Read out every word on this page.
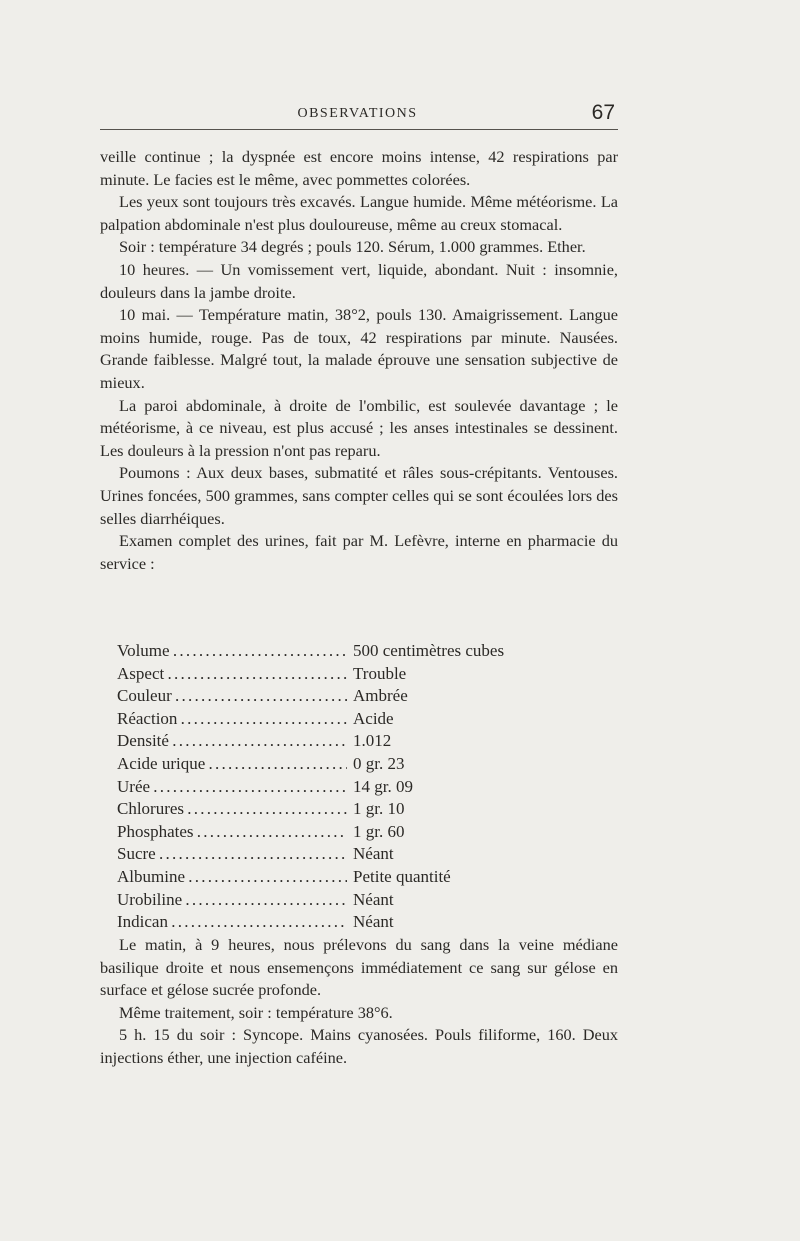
OBSERVATIONS	67

veille continue ; la dyspnée est encore moins intense, 42 respirations par minute. Le facies est le même, avec pommettes colorées.

Les yeux sont toujours très excavés. Langue humide. Même météorisme. La palpation abdominale n'est plus douloureuse, même au creux stomacal.

Soir : température 34 degrés ; pouls 120. Sérum, 1.000 grammes. Ether.

10 heures. — Un vomissement vert, liquide, abondant. Nuit : insomnie, douleurs dans la jambe droite.

10 mai. — Température matin, 38°2, pouls 130. Amaigrissement. Langue moins humide, rouge. Pas de toux, 42 respirations par minute. Nausées. Grande faiblesse. Malgré tout, la malade éprouve une sensation subjective de mieux.

La paroi abdominale, à droite de l'ombilic, est soulevée davantage ; le météorisme, à ce niveau, est plus accusé ; les anses intestinales se dessinent. Les douleurs à la pression n'ont pas reparu.

Poumons : Aux deux bases, submatité et râles sous-crépitants. Ventouses. Urines foncées, 500 grammes, sans compter celles qui se sont écoulées lors des selles diarrhéiques.

Examen complet des urines, fait par M. Lefèvre, interne en pharmacie du service :

Volume . . .	500 centimètres cubes
Aspect . . .	Trouble
Couleur . . .	Ambrée
Réaction . . .	Acide
Densité . . .	1.012
Acide urique . . .	0 gr. 23
Urée . . .	14 gr. 09
Chlorures . . .	1 gr. 10
Phosphates . . .	1 gr. 60
Sucre . . .	Néant
Albumine . . .	Petite quantité
Urobiline . . .	Néant
Indican . . .	Néant

Le matin, à 9 heures, nous prélevons du sang dans la veine médiane basilique droite et nous ensemençons immédiatement ce sang sur gélose en surface et gélose sucrée profonde.

Même traitement, soir : température 38°6.

5 h. 15 du soir : Syncope. Mains cyanosées. Pouls filiforme, 160. Deux injections éther, une injection caféine.
